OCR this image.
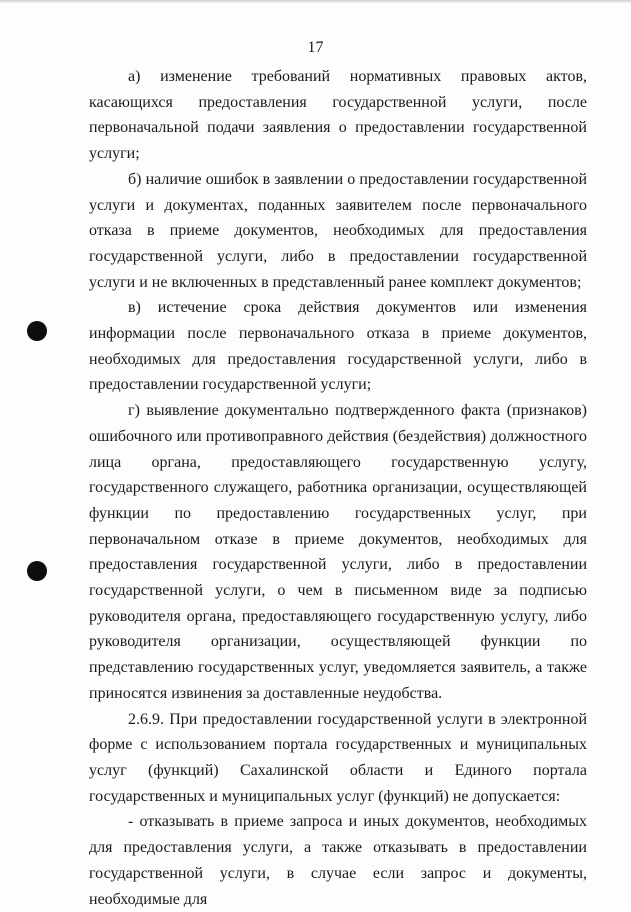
17

а) изменение требований нормативных правовых актов, касающихся предоставления государственной услуги, после первоначальной подачи заявления о предоставлении государственной услуги;

б) наличие ошибок в заявлении о предоставлении государственной услуги и документах, поданных заявителем после первоначального отказа в приеме документов, необходимых для предоставления государственной услуги, либо в предоставлении государственной услуги и не включенных в представленный ранее комплект документов;

в) истечение срока действия документов или изменения информации после первоначального отказа в приеме документов, необходимых для предоставления государственной услуги, либо в предоставлении государственной услуги;

г) выявление документально подтвержденного факта (признаков) ошибочного или противоправного действия (бездействия) должностного лица органа, предоставляющего государственную услугу, государственного служащего, работника организации, осуществляющей функции по предоставлению государственных услуг, при первоначальном отказе в приеме документов, необходимых для предоставления государственной услуги, либо в предоставлении государственной услуги, о чем в письменном виде за подписью руководителя органа, предоставляющего государственную услугу, либо руководителя организации, осуществляющей функции по представлению государственных услуг, уведомляется заявитель, а также приносятся извинения за доставленные неудобства.

2.6.9. При предоставлении государственной услуги в электронной форме с использованием портала государственных и муниципальных услуг (функций) Сахалинской области и Единого портала государственных и муниципальных услуг (функций) не допускается:

- отказывать в приеме запроса и иных документов, необходимых для предоставления услуги, а также отказывать в предоставлении государственной услуги, в случае если запрос и документы, необходимые для
